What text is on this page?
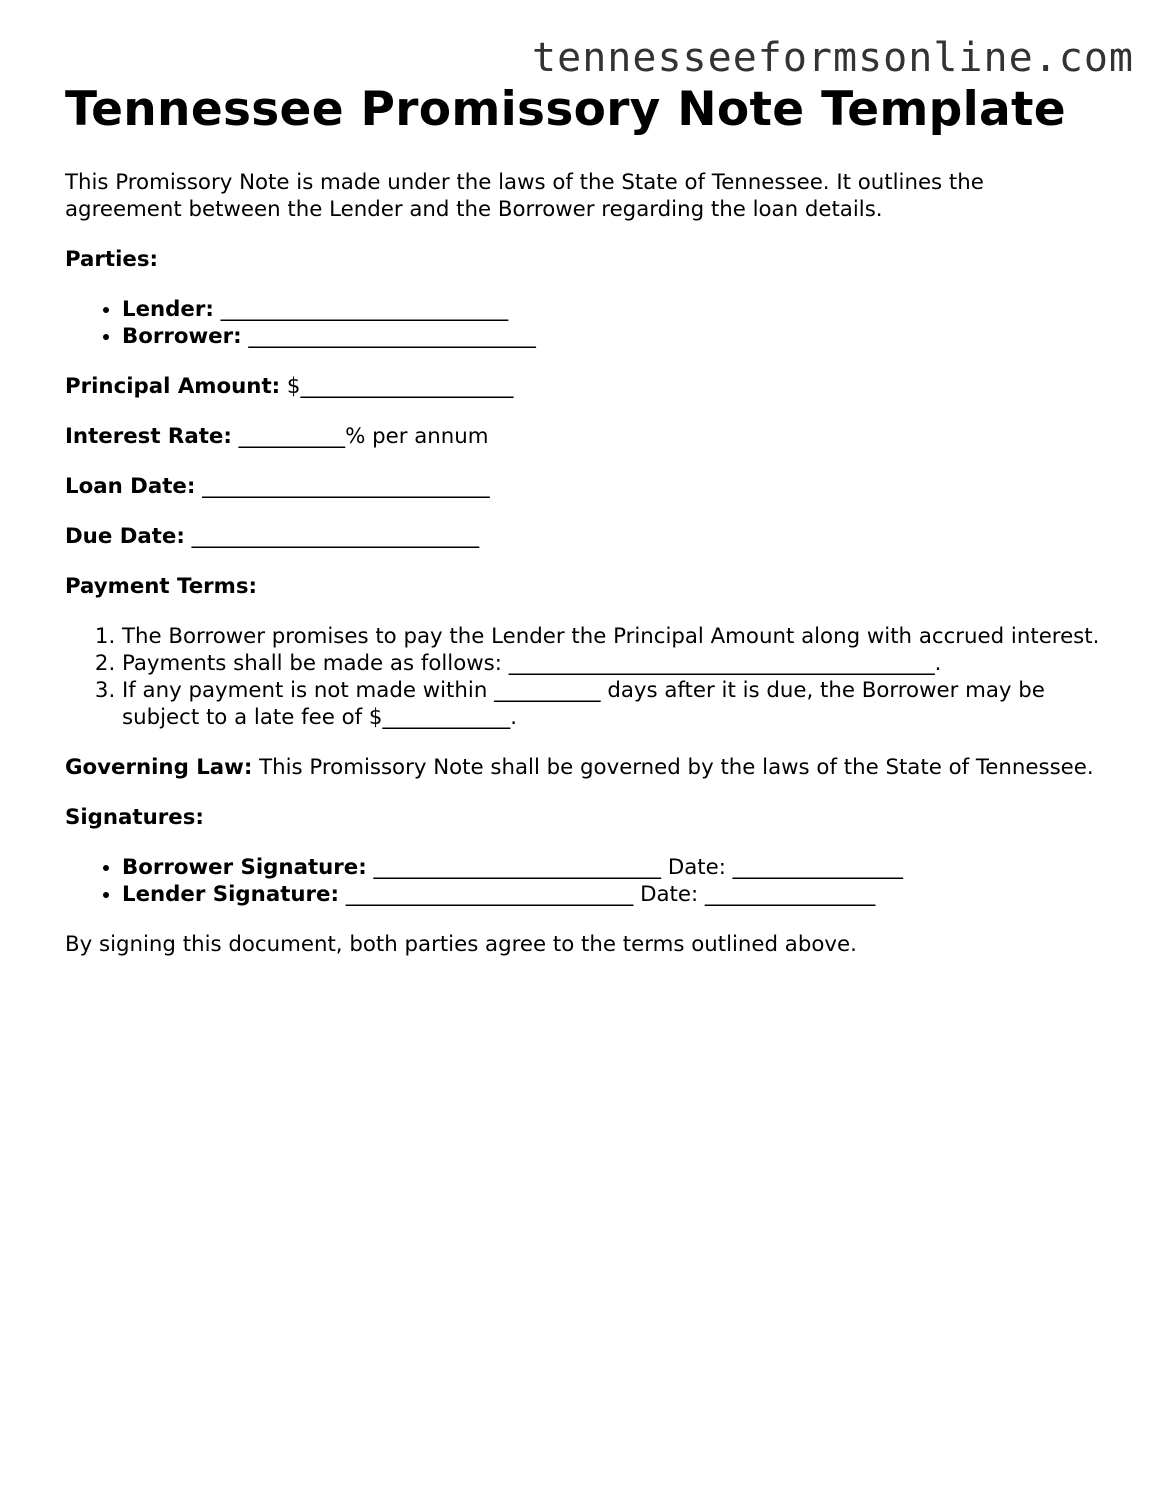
tennesseeformsonline.com
Tennessee Promissory Note Template

This Promissory Note is made under the laws of the State of Tennessee. It outlines the agreement between the Lender and the Borrower regarding the loan details.

Parties:

• Lender: ___________________________
• Borrower: ___________________________

Principal Amount: $____________________

Interest Rate: __________% per annum

Loan Date: ___________________________

Due Date: ___________________________

Payment Terms:

1. The Borrower promises to pay the Lender the Principal Amount along with accrued interest.
2. Payments shall be made as follows: ________________________________________.
3. If any payment is not made within __________ days after it is due, the Borrower may be subject to a late fee of $____________.

Governing Law: This Promissory Note shall be governed by the laws of the State of Tennessee.

Signatures:

• Borrower Signature: ___________________________ Date: ________________
• Lender Signature: ___________________________ Date: ________________

By signing this document, both parties agree to the terms outlined above.
